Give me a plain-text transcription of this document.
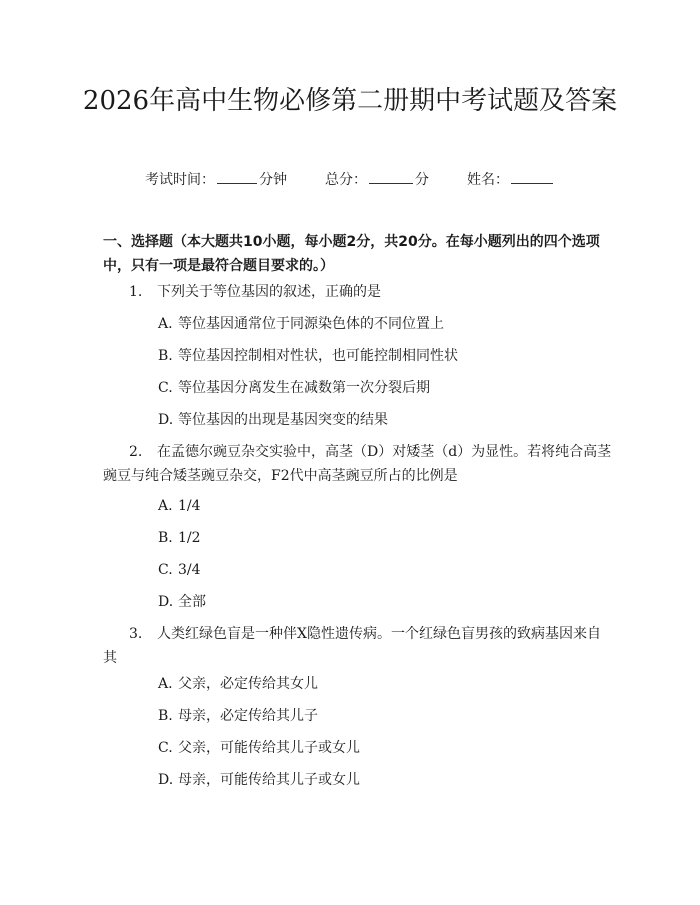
2026年高中生物必修第二册期中考试题及答案
考试时间：	分钟	总分：	分	姓名：
一、选择题（本大题共10小题，每小题2分，共20分。在每小题列出的四个选项中，只有一项是最符合题目要求的。）
1. 下列关于等位基因的叙述，正确的是
A. 等位基因通常位于同源染色体的不同位置上
B. 等位基因控制相对性状，也可能控制相同性状
C. 等位基因分离发生在减数第一次分裂后期
D. 等位基因的出现是基因突变的结果
2. 在孟德尔豌豆杂交实验中，高茎（D）对矮茎（d）为显性。若将纯合高茎豌豆与纯合矮茎豌豆杂交，F2代中高茎豌豆所占的比例是
A. 1/4
B. 1/2
C. 3/4
D. 全部
3. 人类红绿色盲是一种伴X隐性遗传病。一个红绿色盲男孩的致病基因来自其
A. 父亲，必定传给其女儿
B. 母亲，必定传给其儿子
C. 父亲，可能传给其儿子或女儿
D. 母亲，可能传给其儿子或女儿
